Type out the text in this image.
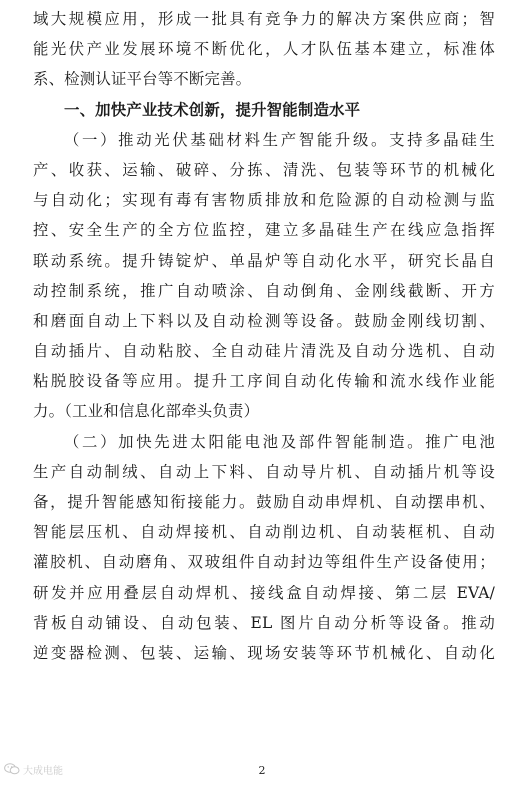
域大规模应用，形成一批具有竞争力的解决方案供应商；智
能光伏产业发展环境不断优化，人才队伍基本建立，标准体
系、检测认证平台等不断完善。
一、加快产业技术创新，提升智能制造水平
（一）推动光伏基础材料生产智能升级。支持多晶硅生
产、收获、运输、破碎、分拣、清洗、包装等环节的机械化
与自动化；实现有毒有害物质排放和危险源的自动检测与监
控、安全生产的全方位监控，建立多晶硅生产在线应急指挥
联动系统。提升铸锭炉、单晶炉等自动化水平，研究长晶自
动控制系统，推广自动喷涂、自动倒角、金刚线截断、开方
和磨面自动上下料以及自动检测等设备。鼓励金刚线切割、
自动插片、自动粘胶、全自动硅片清洗及自动分选机、自动
粘脱胶设备等应用。提升工序间自动化传输和流水线作业能
力。（工业和信息化部牵头负责）
（二）加快先进太阳能电池及部件智能制造。推广电池
生产自动制绒、自动上下料、自动导片机、自动插片机等设
备，提升智能感知衔接能力。鼓励自动串焊机、自动摆串机、
智能层压机、自动焊接机、自动削边机、自动装框机、自动
灌胶机、自动磨角、双玻组件自动封边等组件生产设备使用；
研发并应用叠层自动焊机、接线盒自动焊接、第二层 EVA/
背板自动铺设、自动包装、EL 图片自动分析等设备。推动
逆变器检测、包装、运输、现场安装等环节机械化、自动化
大成电能	2
